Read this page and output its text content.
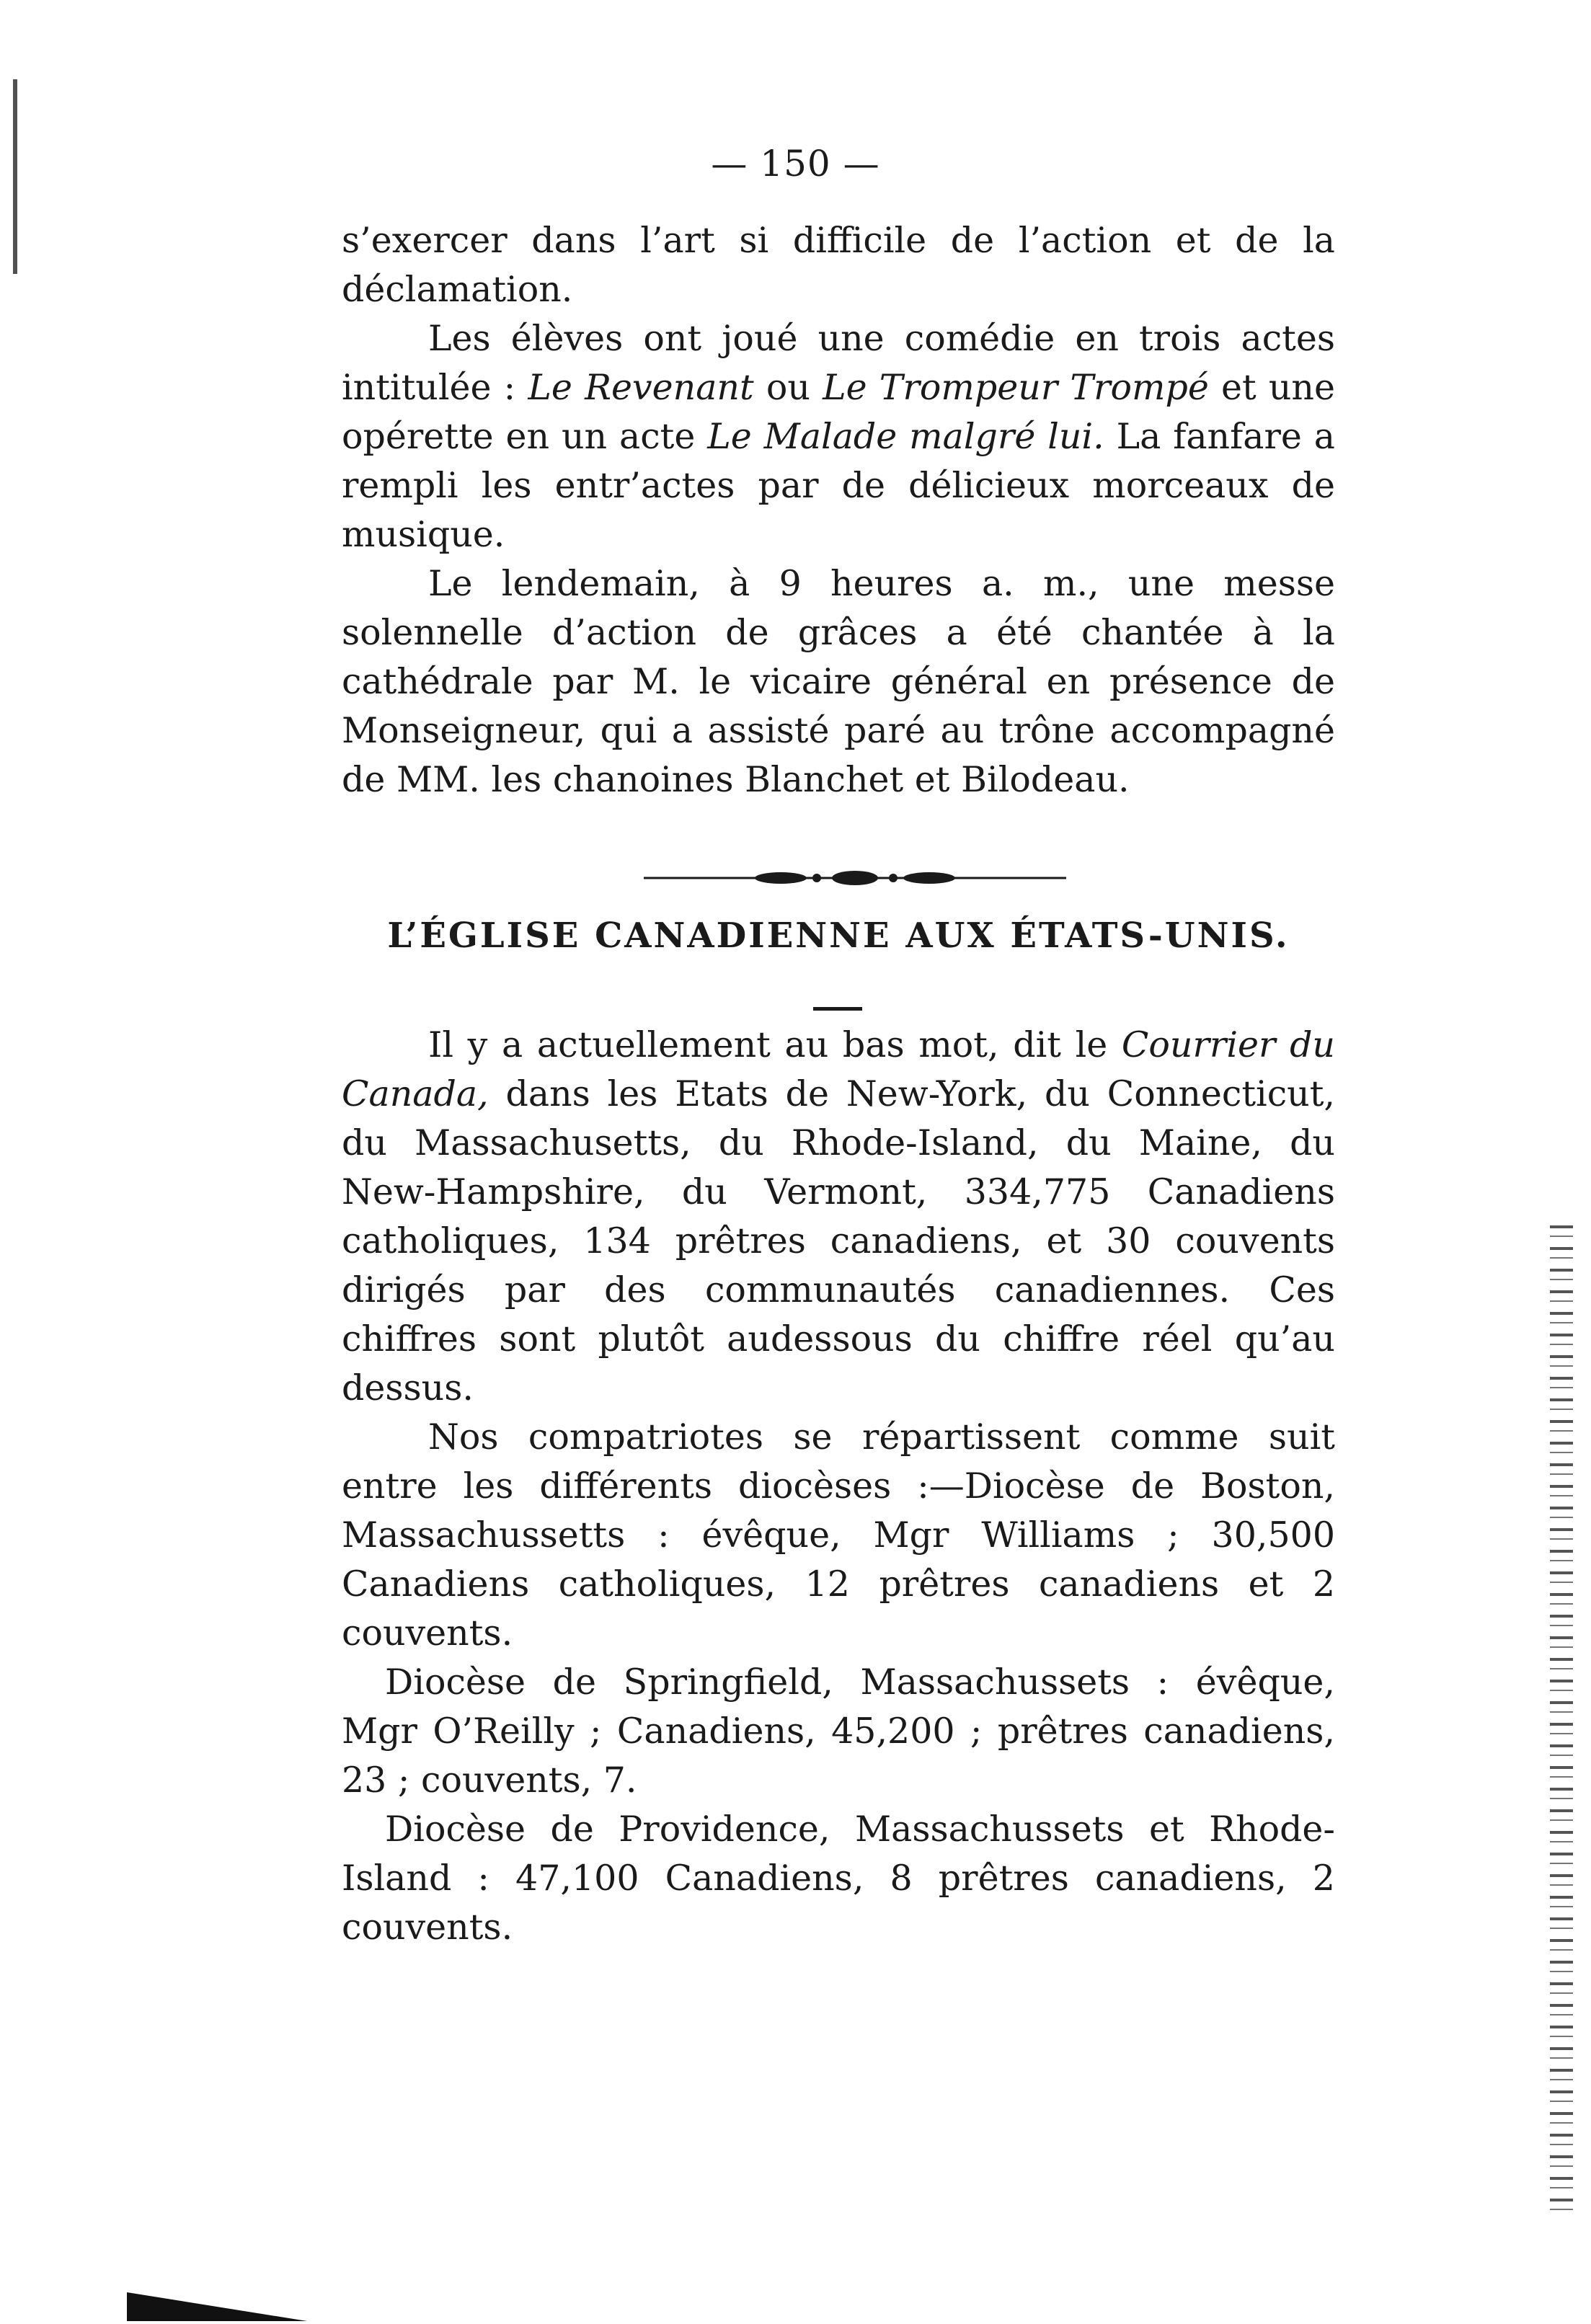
— 150 —

s’exercer dans l’art si difficile de l’action et de la déclamation.

Les élèves ont joué une comédie en trois actes intitulée : Le Revenant ou Le Trompeur Trompé et une opérette en un acte Le Malade malgré lui. La fanfare a rempli les entr’actes par de délicieux morceaux de musique.

Le lendemain, à 9 heures a. m., une messe solennelle d’action de grâces a été chantée à la cathédrale par M. le vicaire général en présence de Monseigneur, qui a assisté paré au trône accompagné de MM. les chanoines Blanchet et Bilodeau.

L’ÉGLISE CANADIENNE AUX ÉTATS-UNIS.

Il y a actuellement au bas mot, dit le Courrier du Canada, dans les Etats de New-York, du Connecticut, du Massachusetts, du Rhode-Island, du Maine, du New-Hampshire, du Vermont, 334,775 Canadiens catholiques, 134 prêtres canadiens, et 30 couvents dirigés par des communautés canadiennes. Ces chiffres sont plutôt audessous du chiffre réel qu’au dessus.

Nos compatriotes se répartissent comme suit entre les différents diocèses :—Diocèse de Boston, Massachussetts : évêque, Mgr Williams ; 30,500 Canadiens catholiques, 12 prêtres canadiens et 2 couvents.

Diocèse de Springfield, Massachussets : évêque, Mgr O’Reilly ; Canadiens, 45,200 ; prêtres canadiens, 23 ; couvents, 7.

Diocèse de Providence, Massachussets et Rhode-Island : 47,100 Canadiens, 8 prêtres canadiens, 2 couvents.
